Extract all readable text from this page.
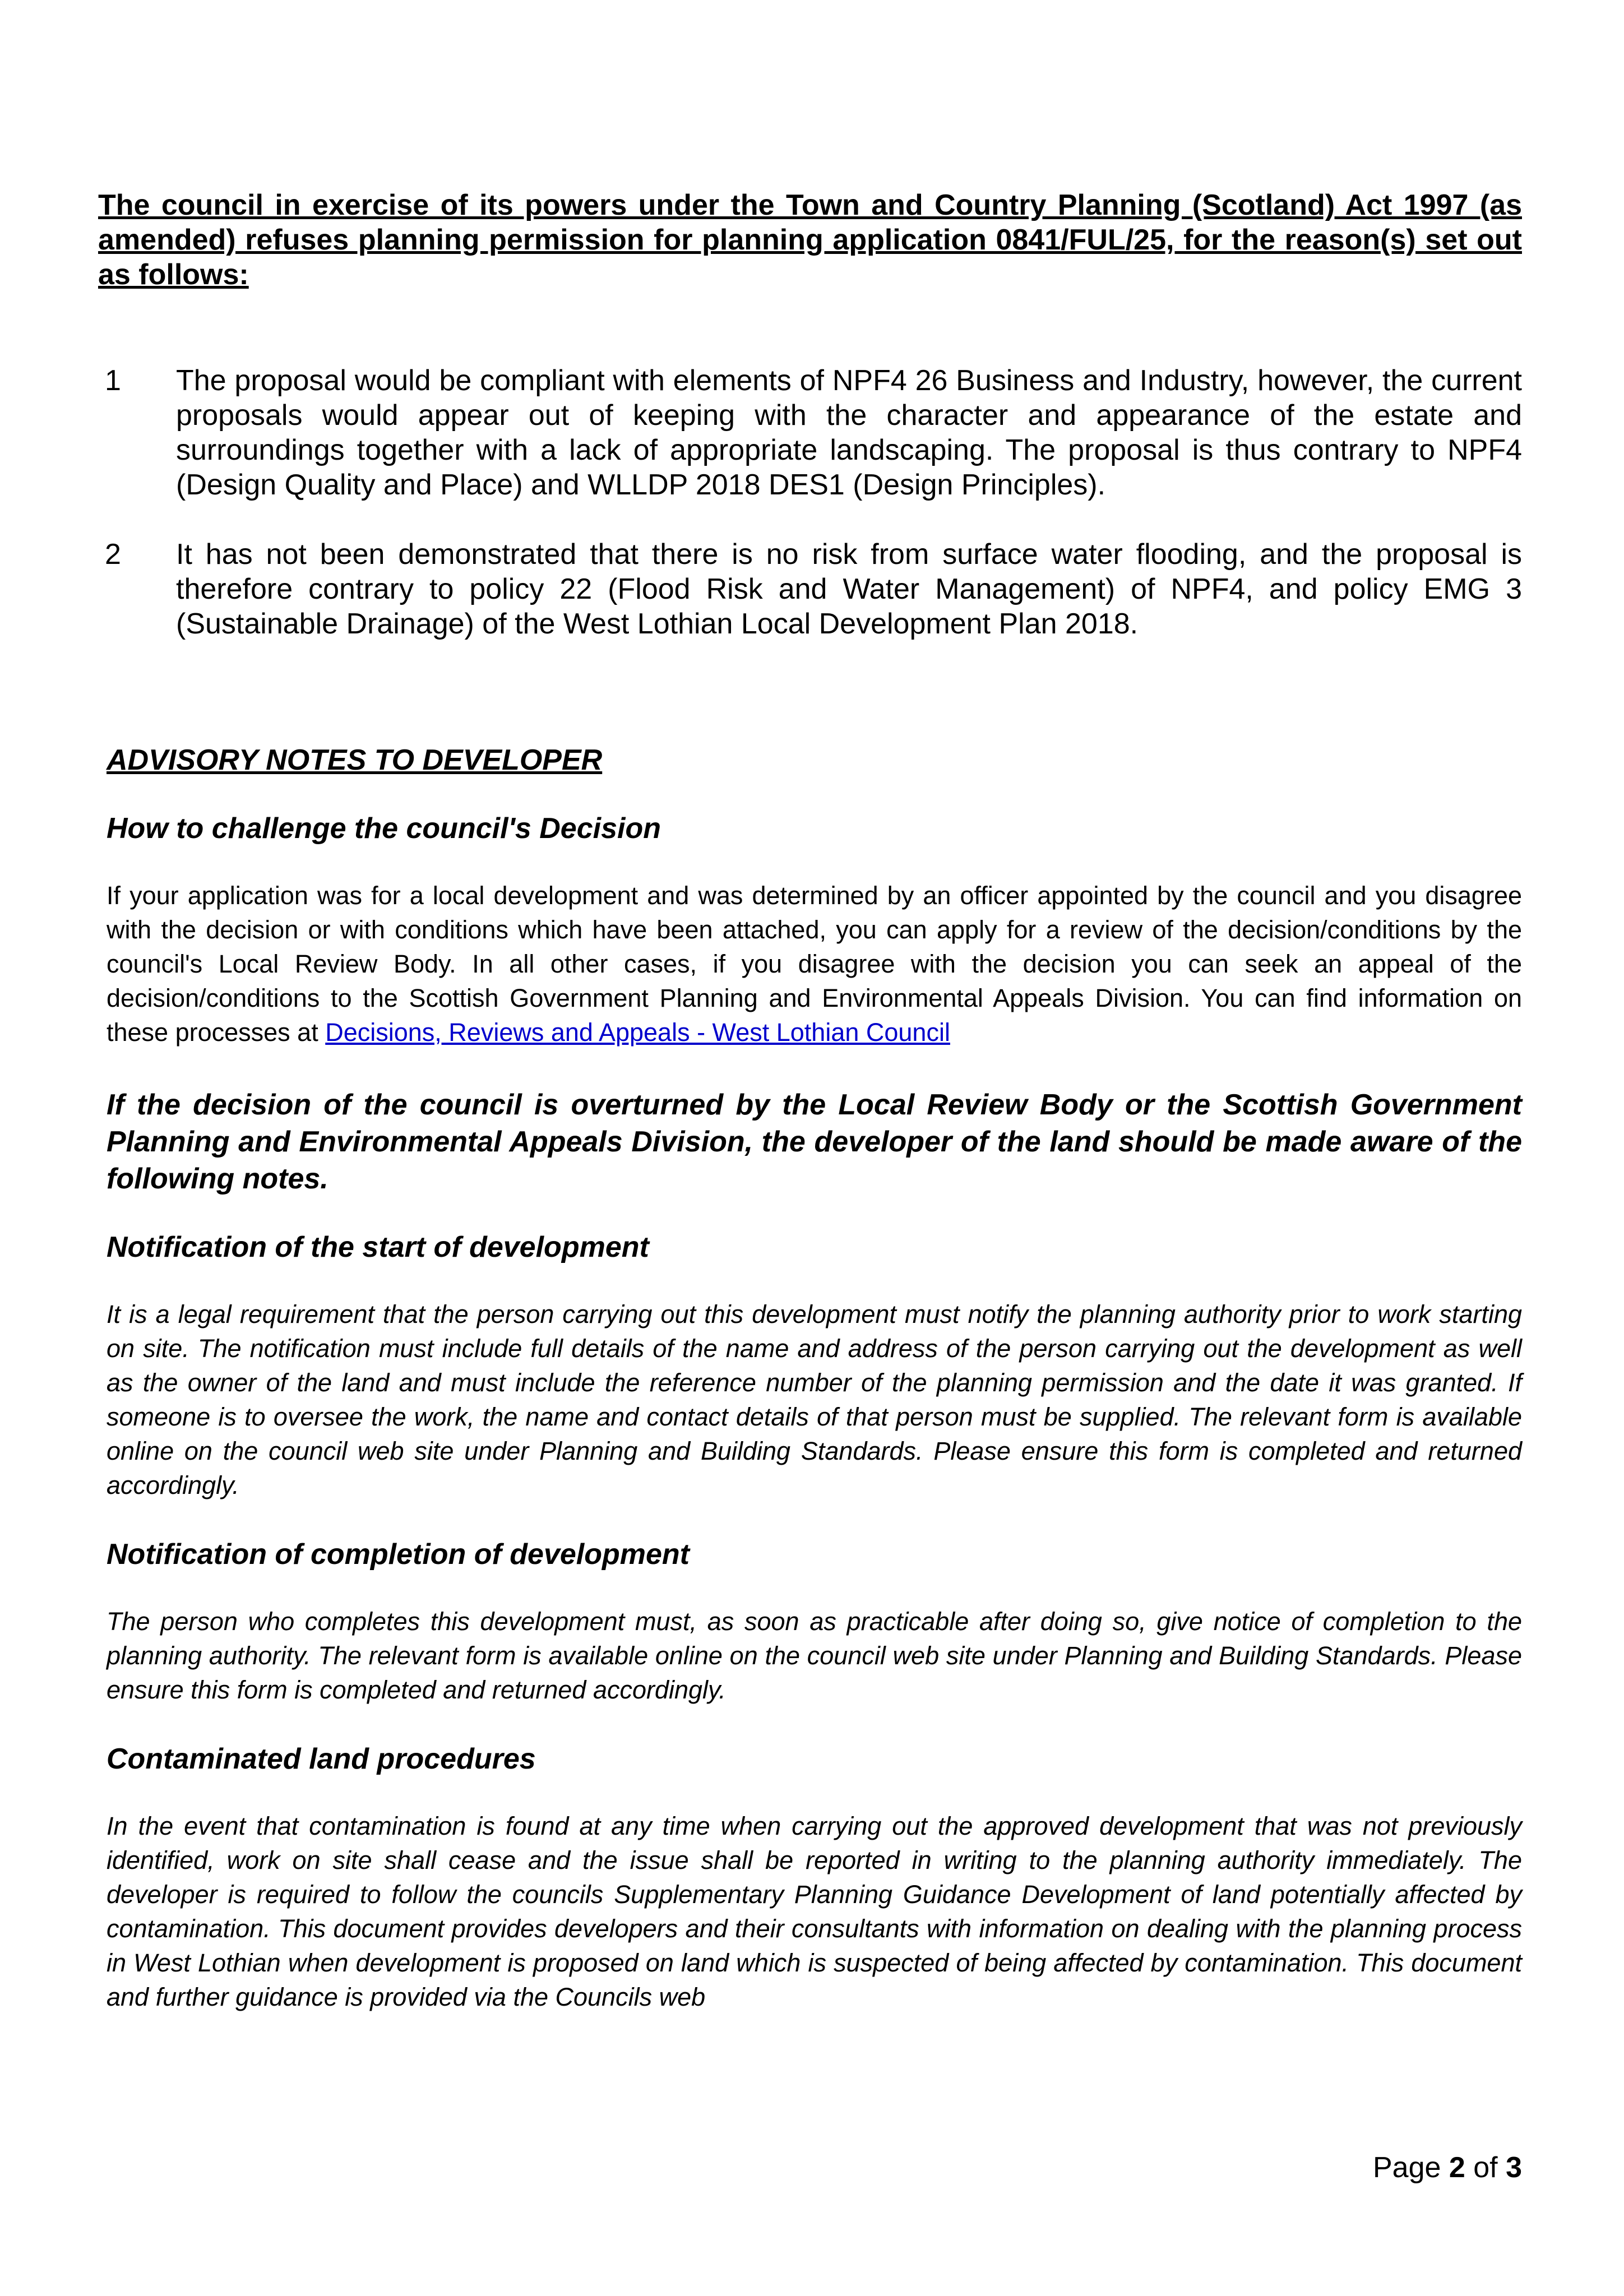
The council in exercise of its powers under the Town and Country Planning (Scotland) Act 1997 (as amended) refuses planning permission for planning application 0841/FUL/25, for the reason(s) set out as follows:

1	The proposal would be compliant with elements of NPF4 26 Business and Industry, however, the current proposals would appear out of keeping with the character and appearance of the estate and surroundings together with a lack of appropriate landscaping. The proposal is thus contrary to NPF4 (Design Quality and Place) and WLLDP 2018 DES1 (Design Principles).
2	It has not been demonstrated that there is no risk from surface water flooding, and the proposal is therefore contrary to policy 22 (Flood Risk and Water Management) of NPF4, and policy EMG 3 (Sustainable Drainage) of the West Lothian Local Development Plan 2018.

ADVISORY NOTES TO DEVELOPER

How to challenge the council's Decision

If your application was for a local development and was determined by an officer appointed by the council and you disagree with the decision or with conditions which have been attached, you can apply for a review of the decision/conditions by the council's Local Review Body. In all other cases, if you disagree with the decision you can seek an appeal of the decision/conditions to the Scottish Government Planning and Environmental Appeals Division. You can find information on these processes at Decisions, Reviews and Appeals - West Lothian Council

If the decision of the council is overturned by the Local Review Body or the Scottish Government Planning and Environmental Appeals Division, the developer of the land should be made aware of the following notes.

Notification of the start of development

It is a legal requirement that the person carrying out this development must notify the planning authority prior to work starting on site. The notification must include full details of the name and address of the person carrying out the development as well as the owner of the land and must include the reference number of the planning permission and the date it was granted. If someone is to oversee the work, the name and contact details of that person must be supplied. The relevant form is available online on the council web site under Planning and Building Standards. Please ensure this form is completed and returned accordingly.

Notification of completion of development

The person who completes this development must, as soon as practicable after doing so, give notice of completion to the planning authority. The relevant form is available online on the council web site under Planning and Building Standards. Please ensure this form is completed and returned accordingly.

Contaminated land procedures

In the event that contamination is found at any time when carrying out the approved development that was not previously identified, work on site shall cease and the issue shall be reported in writing to the planning authority immediately. The developer is required to follow the councils Supplementary Planning Guidance Development of land potentially affected by contamination. This document provides developers and their consultants with information on dealing with the planning process in West Lothian when development is proposed on land which is suspected of being affected by contamination. This document and further guidance is provided via the Councils web

Page 2 of 3
